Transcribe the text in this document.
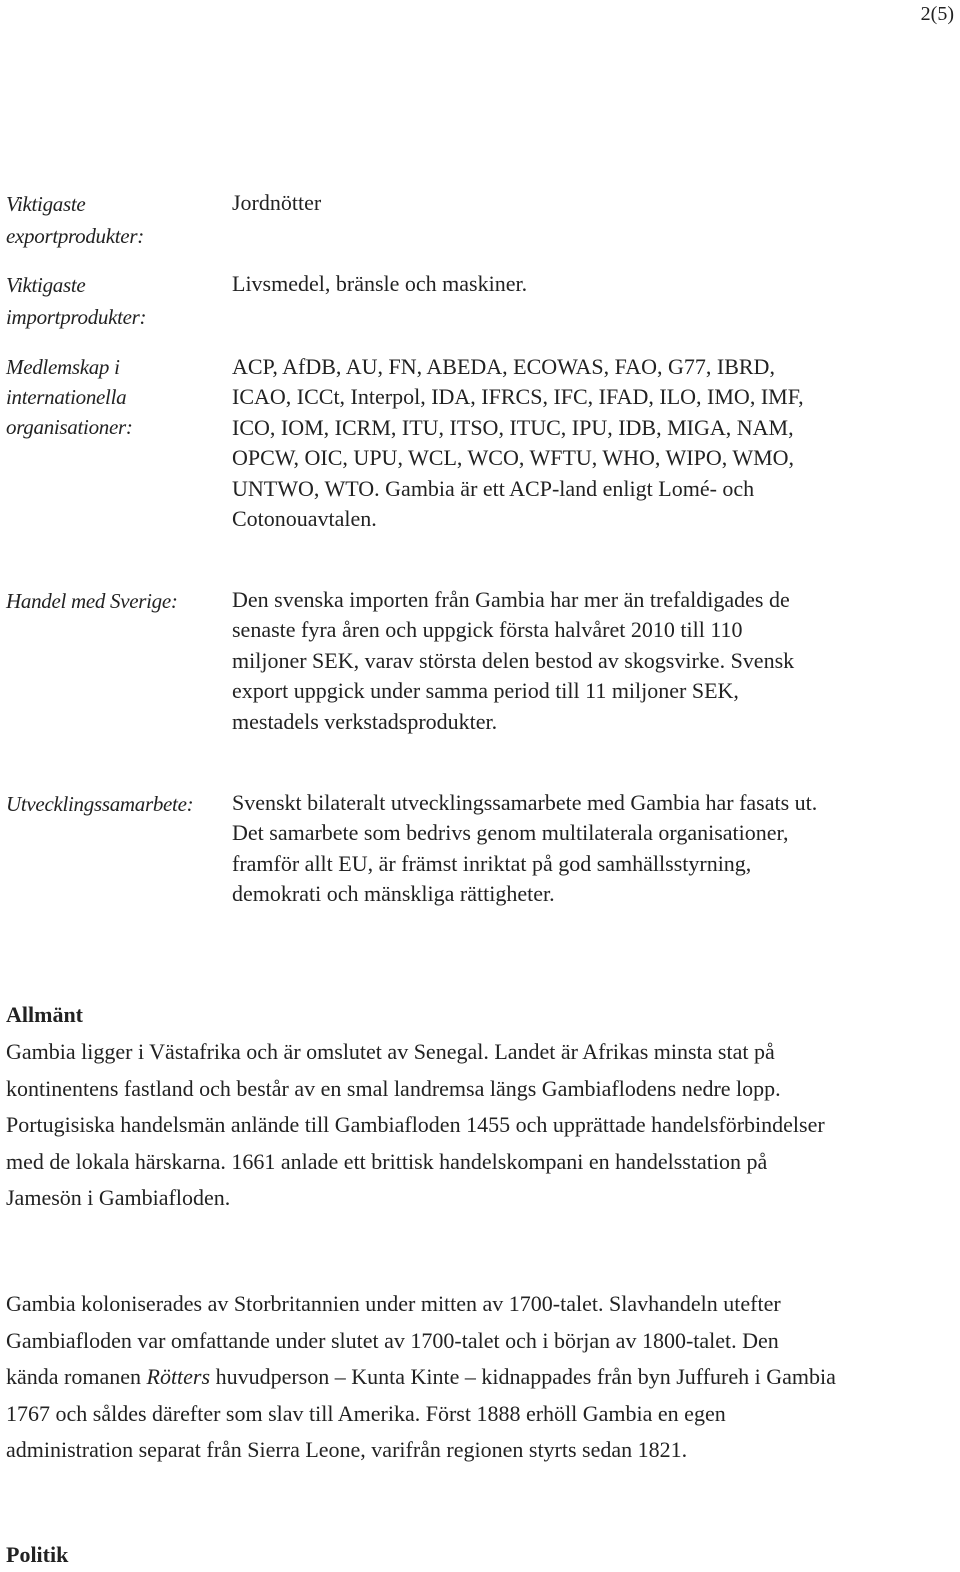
2(5)
Viktigaste exportprodukter:
Jordnötter
Viktigaste importprodukter:
Livsmedel, bränsle och maskiner.
Medlemskap i internationella organisationer:
ACP, AfDB, AU, FN, ABEDA, ECOWAS, FAO, G77, IBRD, ICAO, ICCt, Interpol, IDA, IFRCS, IFC, IFAD, ILO, IMO, IMF, ICO, IOM, ICRM, ITU, ITSO, ITUC, IPU, IDB, MIGA, NAM, OPCW, OIC, UPU, WCL, WCO, WFTU, WHO, WIPO, WMO, UNTWO, WTO. Gambia är ett ACP-land enligt Lomé- och Cotonouavtalen.
Handel med Sverige:	Den svenska importen från Gambia har mer än trefaldigades de senaste fyra åren och uppgick första halvåret 2010 till 110 miljoner SEK, varav största delen bestod av skogsvirke. Svensk export uppgick under samma period till 11 miljoner SEK, mestadels verkstadsprodukter.
Utvecklingssamarbete:	Svenskt bilateralt utvecklingssamarbete med Gambia har fasats ut. Det samarbete som bedrivs genom multilaterala organisationer, framför allt EU, är främst inriktat på god samhällsstyrning, demokrati och mänskliga rättigheter.
Allmänt
Gambia ligger i Västafrika och är omslutet av Senegal. Landet är Afrikas minsta stat på kontinentens fastland och består av en smal landremsa längs Gambiaflodens nedre lopp. Portugisiska handelsmän anlände till Gambiafloden 1455 och upprättade handelsförbindelser med de lokala härskarna. 1661 anlade ett brittisk handelskompani en handelsstation på Jamesön i Gambiafloden.
Gambia koloniserades av Storbritannien under mitten av 1700-talet. Slavhandeln utefter Gambiafloden var omfattande under slutet av 1700-talet och i början av 1800-talet. Den kända romanen Rötters huvudperson – Kunta Kinte – kidnappades från byn Juffureh i Gambia 1767 och såldes därefter som slav till Amerika. Först 1888 erhöll Gambia en egen administration separat från Sierra Leone, varifrån regionen styrts sedan 1821.
Politik
